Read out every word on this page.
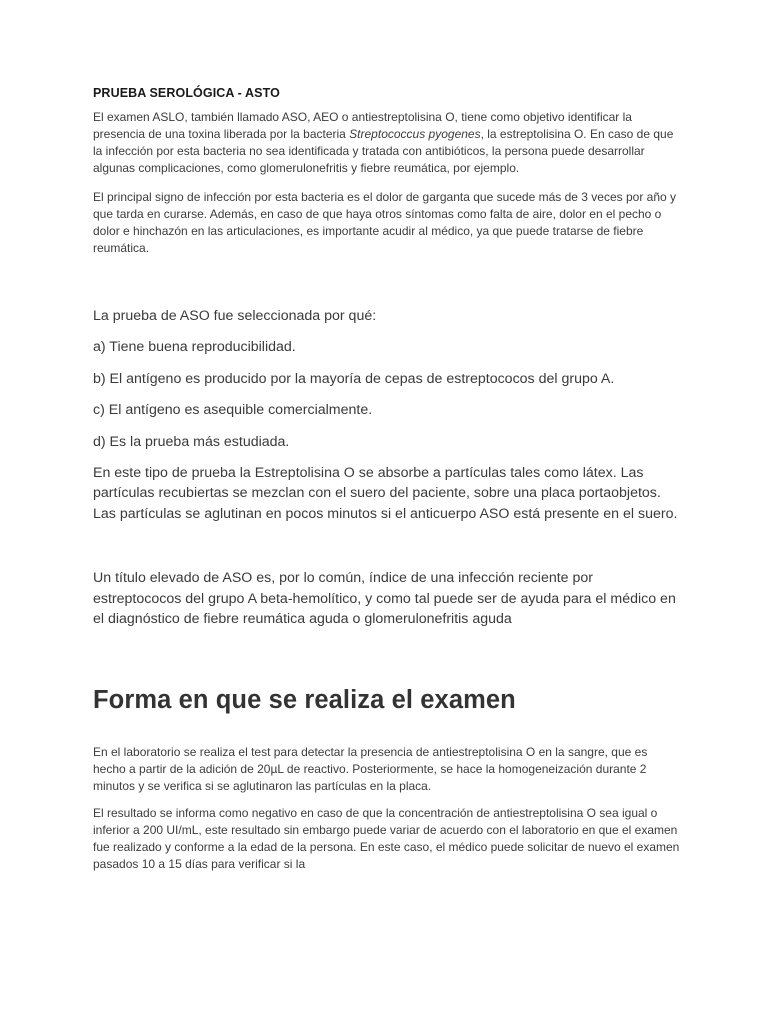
PRUEBA SEROLÓGICA - ASTO

El examen ASLO, también llamado ASO, AEO o antiestreptolisina O, tiene como objetivo identificar la presencia de una toxina liberada por la bacteria Streptococcus pyogenes, la estreptolisina O. En caso de que la infección por esta bacteria no sea identificada y tratada con antibióticos, la persona puede desarrollar algunas complicaciones, como glomerulonefritis y fiebre reumática, por ejemplo.

El principal signo de infección por esta bacteria es el dolor de garganta que sucede más de 3 veces por año y que tarda en curarse. Además, en caso de que haya otros síntomas como falta de aire, dolor en el pecho o dolor e hinchazón en las articulaciones, es importante acudir al médico, ya que puede tratarse de fiebre reumática.

La prueba de ASO fue seleccionada por qué:

a) Tiene buena reproducibilidad.

b) El antígeno es producido por la mayoría de cepas de estreptococos del grupo A.

c) El antígeno es asequible comercialmente.

d) Es la prueba más estudiada.

En este tipo de prueba la Estreptolisina O se absorbe a partículas tales como látex. Las partículas recubiertas se mezclan con el suero del paciente, sobre una placa portaobjetos. Las partículas se aglutinan en pocos minutos si el anticuerpo ASO está presente en el suero.

Un título elevado de ASO es, por lo común, índice de una infección reciente por estreptococos del grupo A beta-hemolítico, y como tal puede ser de ayuda para el médico en el diagnóstico de fiebre reumática aguda o glomerulonefritis aguda

Forma en que se realiza el examen

En el laboratorio se realiza el test para detectar la presencia de antiestreptolisina O en la sangre, que es hecho a partir de la adición de 20µL de reactivo. Posteriormente, se hace la homogeneización durante 2 minutos y se verifica si se aglutinaron las partículas en la placa.

El resultado se informa como negativo en caso de que la concentración de antiestreptolisina O sea igual o inferior a 200 UI/mL, este resultado sin embargo puede variar de acuerdo con el laboratorio en que el examen fue realizado y conforme a la edad de la persona. En este caso, el médico puede solicitar de nuevo el examen pasados 10 a 15 días para verificar si la
